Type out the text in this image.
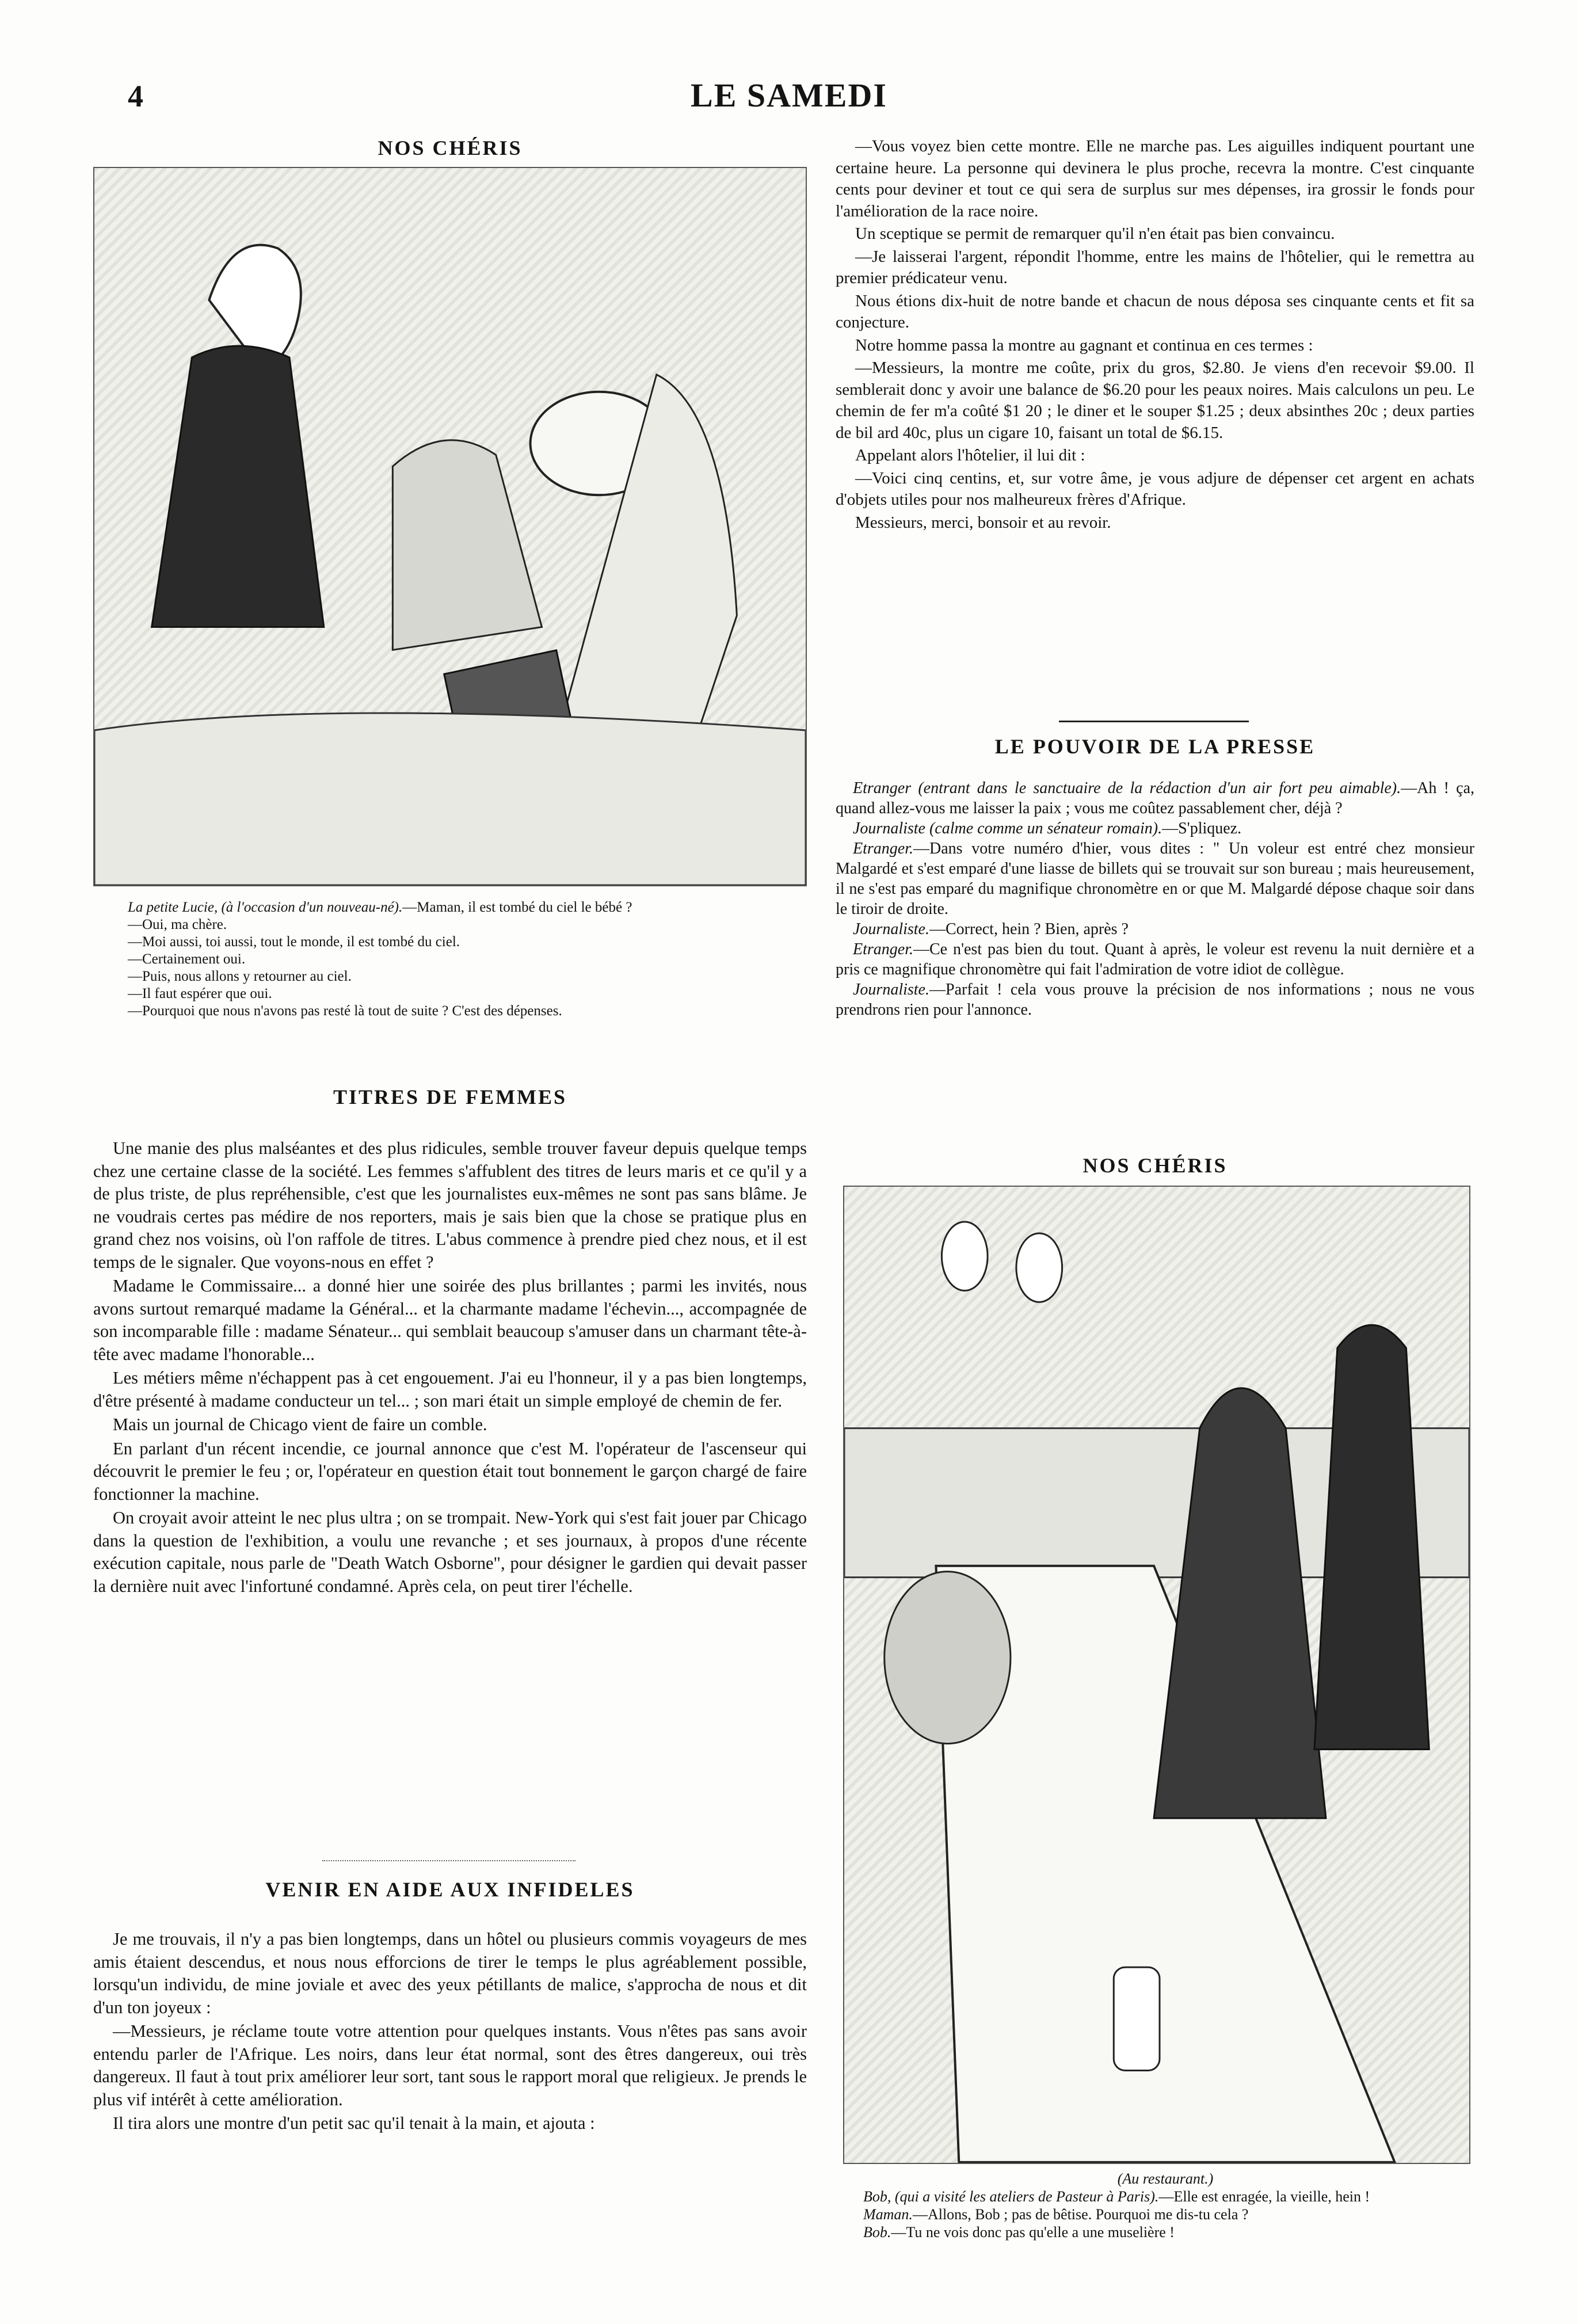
4	LE SAMEDI
NOS CHÉRIS

La petite Lucie, (à l'occasion d'un nouveau-né).—Maman, il est tombé du ciel le bébé ?

—Oui, ma chère.

—Moi aussi, toi aussi, tout le monde, il est tombé du ciel.

—Certainement oui.

—Puis, nous allons y retourner au ciel.

—Il faut espérer que oui.

—Pourquoi que nous n'avons pas resté là tout de suite ? C'est des dépenses.

TITRES DE FEMMES

Une manie des plus malséantes et des plus ridicules, semble trouver faveur depuis quelque temps chez une certaine classe de la société. Les femmes s'affublent des titres de leurs maris et ce qu'il y a de plus triste, de plus repréhensible, c'est que les journalistes eux-mêmes ne sont pas sans blâme. Je ne voudrais certes pas médire de nos reporters, mais je sais bien que la chose se pratique plus en grand chez nos voisins, où l'on raffole de titres. L'abus commence à prendre pied chez nous, et il est temps de le signaler. Que voyons-nous en effet ?

Madame le Commissaire... a donné hier une soirée des plus brillantes ; parmi les invités, nous avons surtout remarqué madame la Général... et la charmante madame l'échevin..., accompagnée de son incomparable fille : madame Sénateur... qui semblait beaucoup s'amuser dans un charmant tête-à-tête avec madame l'honorable...

Les métiers même n'échappent pas à cet engouement. J'ai eu l'honneur, il y a pas bien longtemps, d'être présenté à madame conducteur un tel... ; son mari était un simple employé de chemin de fer.

Mais un journal de Chicago vient de faire un comble.

En parlant d'un récent incendie, ce journal annonce que c'est M. l'opérateur de l'ascenseur qui découvrit le premier le feu ; or, l'opérateur en question était tout bonnement le garçon chargé de faire fonctionner la machine.

On croyait avoir atteint le nec plus ultra ; on se trompait. New-York qui s'est fait jouer par Chicago dans la question de l'exhibition, a voulu une revanche ; et ses journaux, à propos d'une récente exécution capitale, nous parle de "Death Watch Osborne", pour désigner le gardien qui devait passer la dernière nuit avec l'infortuné condamné. Après cela, on peut tirer l'échelle.

VENIR EN AIDE AUX INFIDELES

Je me trouvais, il n'y a pas bien longtemps, dans un hôtel ou plusieurs commis voyageurs de mes amis étaient descendus, et nous nous efforcions de tirer le temps le plus agréablement possible, lorsqu'un individu, de mine joviale et avec des yeux pétillants de malice, s'approcha de nous et dit d'un ton joyeux :

—Messieurs, je réclame toute votre attention pour quelques instants. Vous n'êtes pas sans avoir entendu parler de l'Afrique. Les noirs, dans leur état normal, sont des êtres dangereux, oui très dangereux. Il faut à tout prix améliorer leur sort, tant sous le rapport moral que religieux. Je prends le plus vif intérêt à cette amélioration.

Il tira alors une montre d'un petit sac qu'il tenait à la main, et ajouta :

—Vous voyez bien cette montre. Elle ne marche pas. Les aiguilles indiquent pourtant une certaine heure. La personne qui devinera le plus proche, recevra la montre. C'est cinquante cents pour deviner et tout ce qui sera de surplus sur mes dépenses, ira grossir le fonds pour l'amélioration de la race noire.

Un sceptique se permit de remarquer qu'il n'en était pas bien convaincu.

—Je laisserai l'argent, répondit l'homme, entre les mains de l'hôtelier, qui le remettra au premier prédicateur venu.

Nous étions dix-huit de notre bande et chacun de nous déposa ses cinquante cents et fit sa conjecture.

Notre homme passa la montre au gagnant et continua en ces termes :

—Messieurs, la montre me coûte, prix du gros, $2.80. Je viens d'en recevoir $9.00. Il semblerait donc y avoir une balance de $6.20 pour les peaux noires. Mais calculons un peu. Le chemin de fer m'a coûté $1 20 ; le diner et le souper $1.25 ; deux absinthes 20c ; deux parties de bil ard 40c, plus un cigare 10, faisant un total de $6.15.

Appelant alors l'hôtelier, il lui dit :

—Voici cinq centins, et, sur votre âme, je vous adjure de dépenser cet argent en achats d'objets utiles pour nos malheureux frères d'Afrique.

Messieurs, merci, bonsoir et au revoir.

LE POUVOIR DE LA PRESSE

Etranger (entrant dans le sanctuaire de la rédaction d'un air fort peu aimable).—Ah ! ça, quand allez-vous me laisser la paix ; vous me coûtez passablement cher, déjà ?

Journaliste (calme comme un sénateur romain).—S'pliquez.

Etranger.—Dans votre numéro d'hier, vous dites : " Un voleur est entré chez monsieur Malgardé et s'est emparé d'une liasse de billets qui se trouvait sur son bureau ; mais heureusement, il ne s'est pas emparé du magnifique chronomètre en or que M. Malgardé dépose chaque soir dans le tiroir de droite.

Journaliste.—Correct, hein ? Bien, après ?

Etranger.—Ce n'est pas bien du tout. Quant à après, le voleur est revenu la nuit dernière et a pris ce magnifique chronomètre qui fait l'admiration de votre idiot de collègue.

Journaliste.—Parfait ! cela vous prouve la précision de nos informations ; nous ne vous prendrons rien pour l'annonce.

NOS CHÉRIS

(Au restaurant.)

Bob, (qui a visité les ateliers de Pasteur à Paris).—Elle est enragée, la vieille, hein !

Maman.—Allons, Bob ; pas de bêtise. Pourquoi me dis-tu cela ?

Bob.—Tu ne vois donc pas qu'elle a une muselière !
